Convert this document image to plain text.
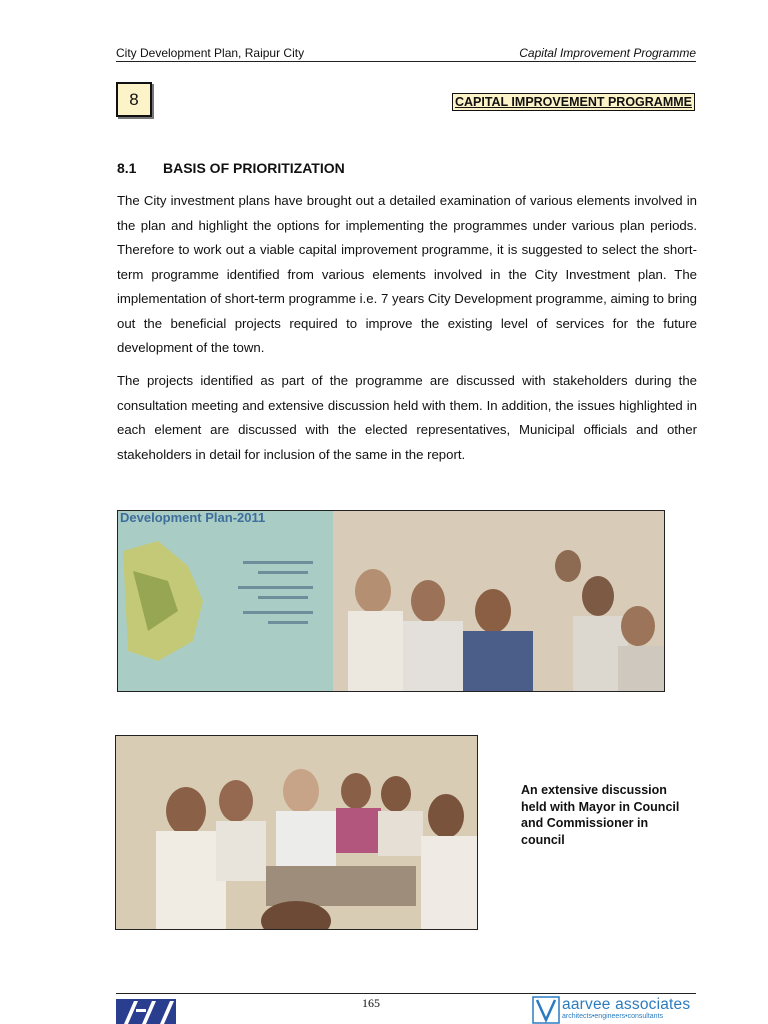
City Development Plan, Raipur City	Capital Improvement Programme
8	CAPITAL IMPROVEMENT PROGRAMME
8.1 BASIS OF PRIORITIZATION

The City investment plans have brought out a detailed examination of various elements involved in the plan and highlight the options for implementing the programmes under various plan periods. Therefore to work out a viable capital improvement programme, it is suggested to select the short-term programme identified from various elements involved in the City Investment plan. The implementation of short-term programme i.e. 7 years City Development programme, aiming to bring out the beneficial projects required to improve the existing level of services for the future development of the town.

The projects identified as part of the programme are discussed with stakeholders during the consultation meeting and extensive discussion held with them. In addition, the issues highlighted in each element are discussed with the elected representatives, Municipal officials and other stakeholders in detail for inclusion of the same in the report.

Development Plan-2011
An extensive discussion held with Mayor in Council and Commissioner in council
165	aarvee associates
architects•engineers•consultants
